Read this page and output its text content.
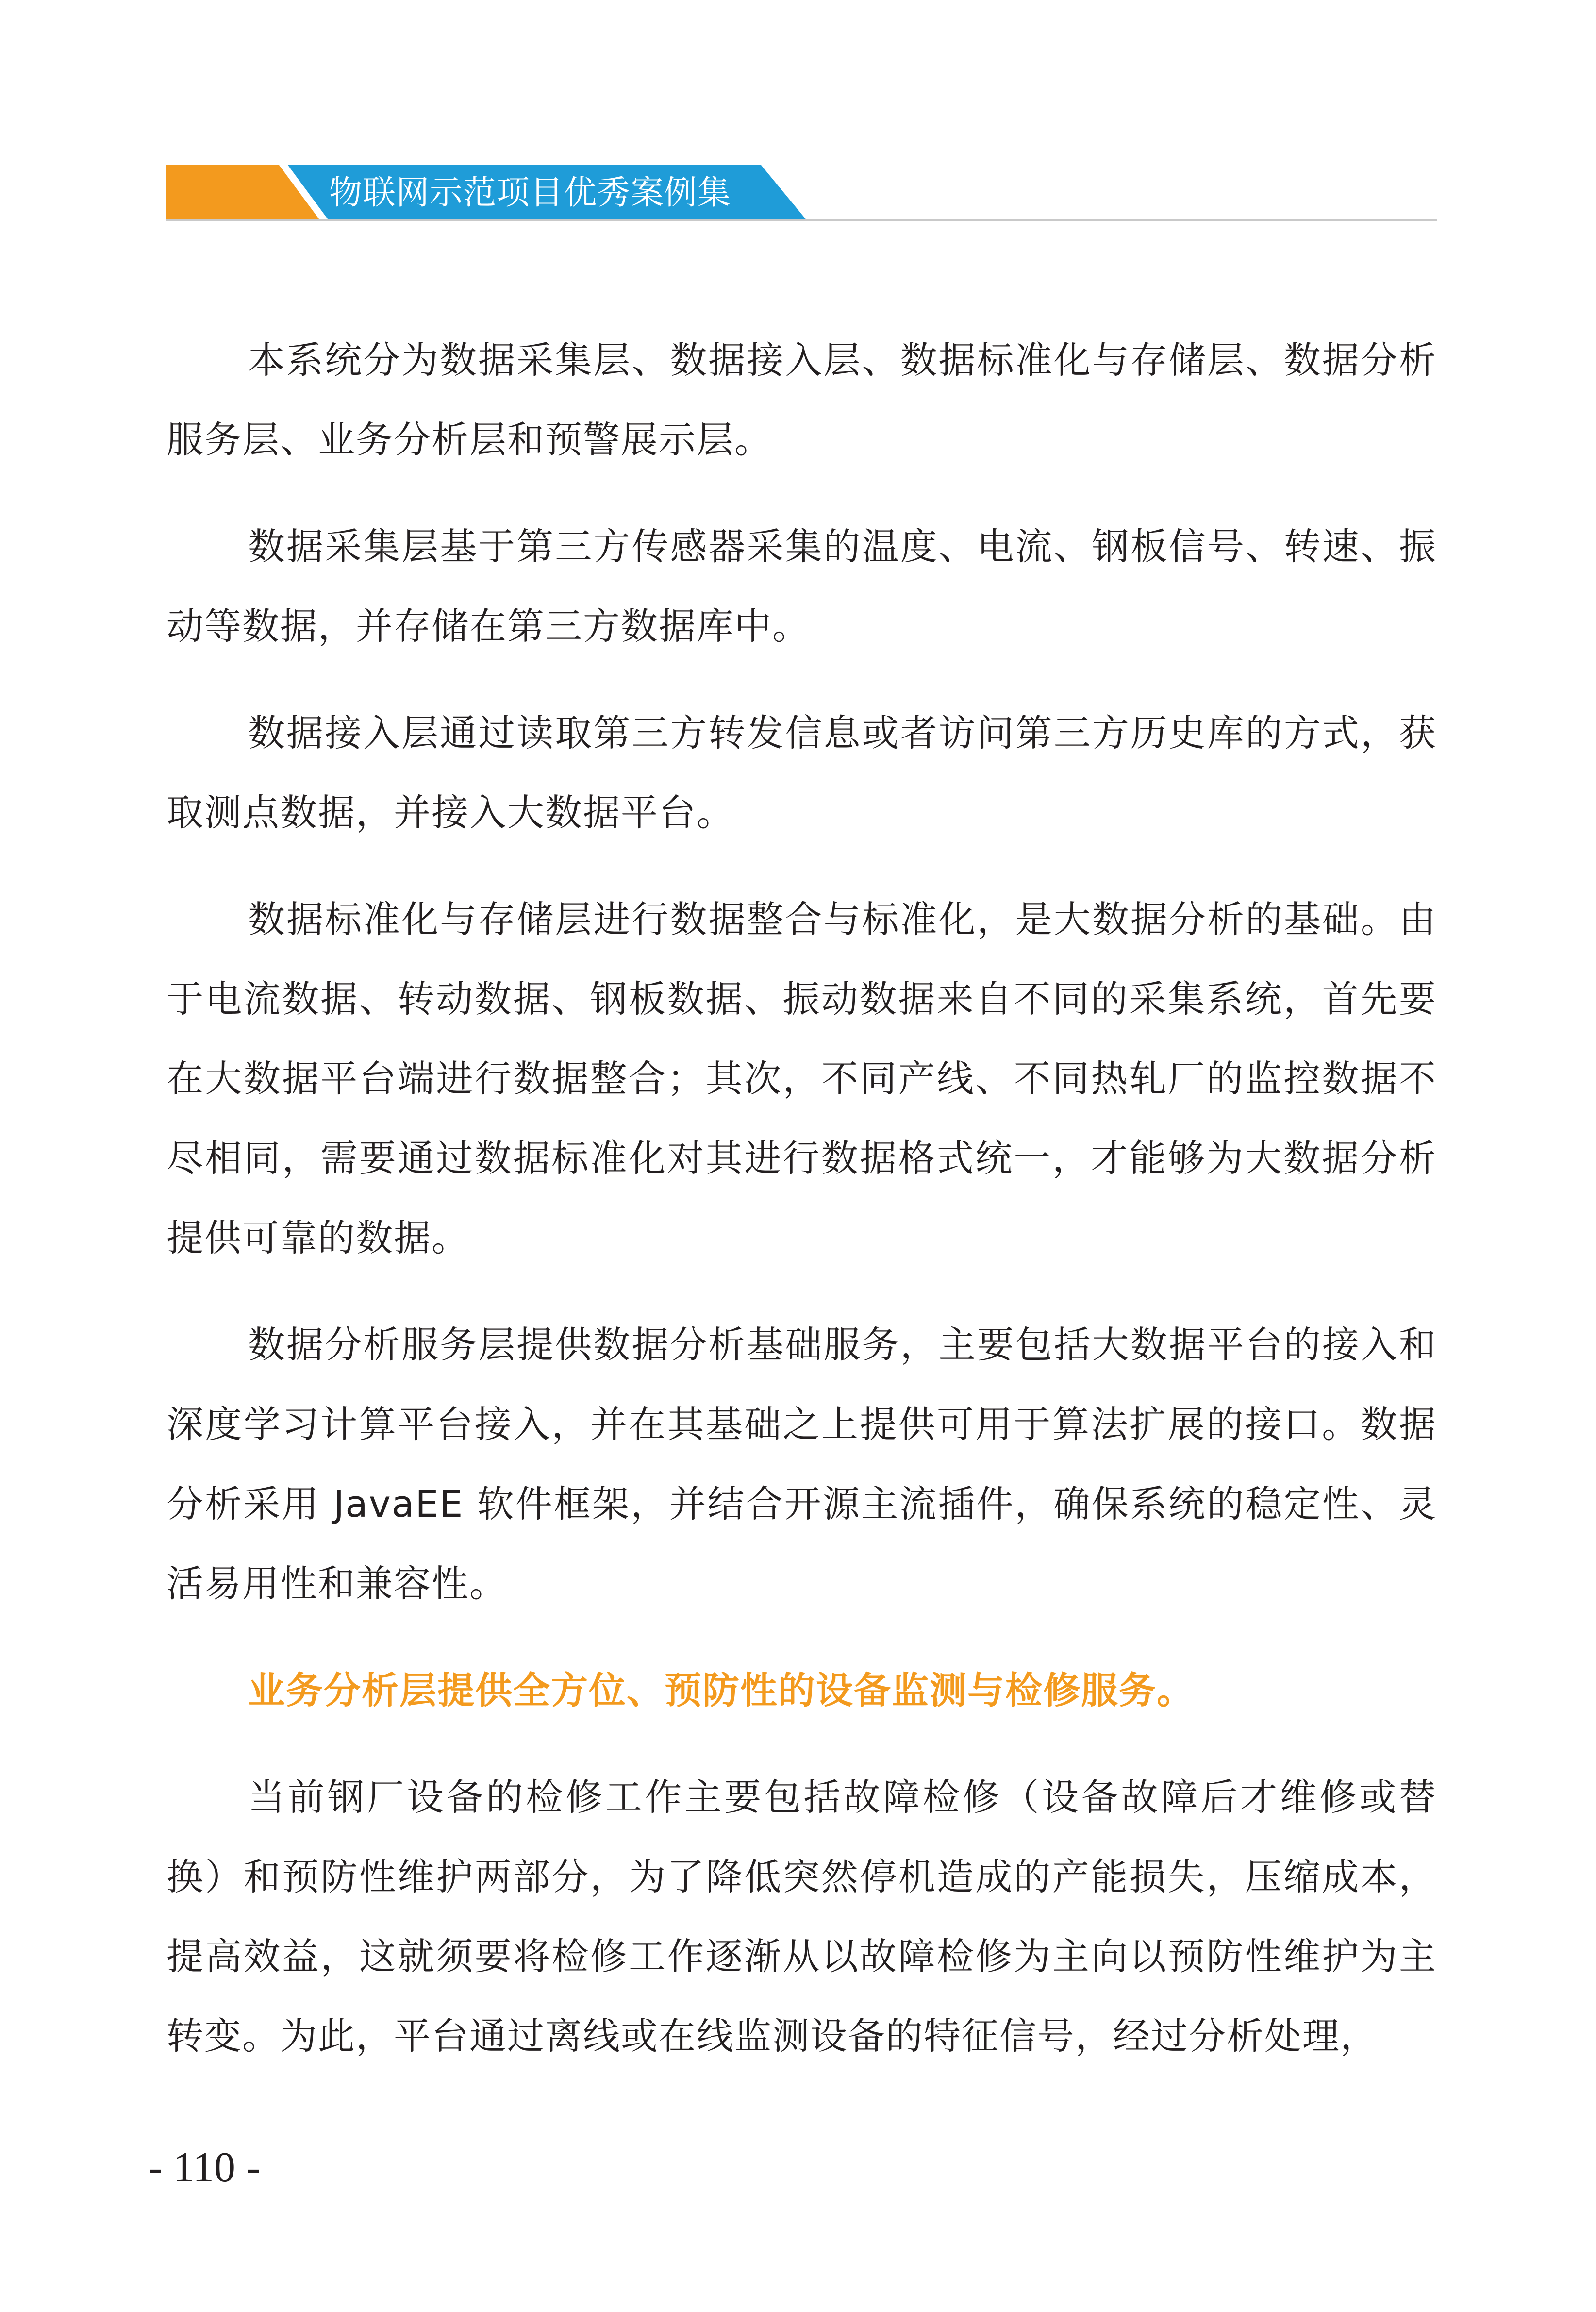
物联网示范项目优秀案例集

本系统分为数据采集层、数据接入层、数据标准化与存储层、数据分析服务层、业务分析层和预警展示层。

数据采集层基于第三方传感器采集的温度、电流、钢板信号、转速、振动等数据，并存储在第三方数据库中。

数据接入层通过读取第三方转发信息或者访问第三方历史库的方式，获取测点数据，并接入大数据平台。

数据标准化与存储层进行数据整合与标准化，是大数据分析的基础。由于电流数据、转动数据、钢板数据、振动数据来自不同的采集系统，首先要在大数据平台端进行数据整合；其次，不同产线、不同热轧厂的监控数据不尽相同，需要通过数据标准化对其进行数据格式统一，才能够为大数据分析提供可靠的数据。

数据分析服务层提供数据分析基础服务，主要包括大数据平台的接入和深度学习计算平台接入，并在其基础之上提供可用于算法扩展的接口。数据分析采用 JavaEE 软件框架，并结合开源主流插件，确保系统的稳定性、灵活易用性和兼容性。

业务分析层提供全方位、预防性的设备监测与检修服务。

当前钢厂设备的检修工作主要包括故障检修（设备故障后才维修或替换）和预防性维护两部分，为了降低突然停机造成的产能损失，压缩成本，提高效益，这就须要将检修工作逐渐从以故障检修为主向以预防性维护为主转变。为此，平台通过离线或在线监测设备的特征信号，经过分析处理，

- 110 -
